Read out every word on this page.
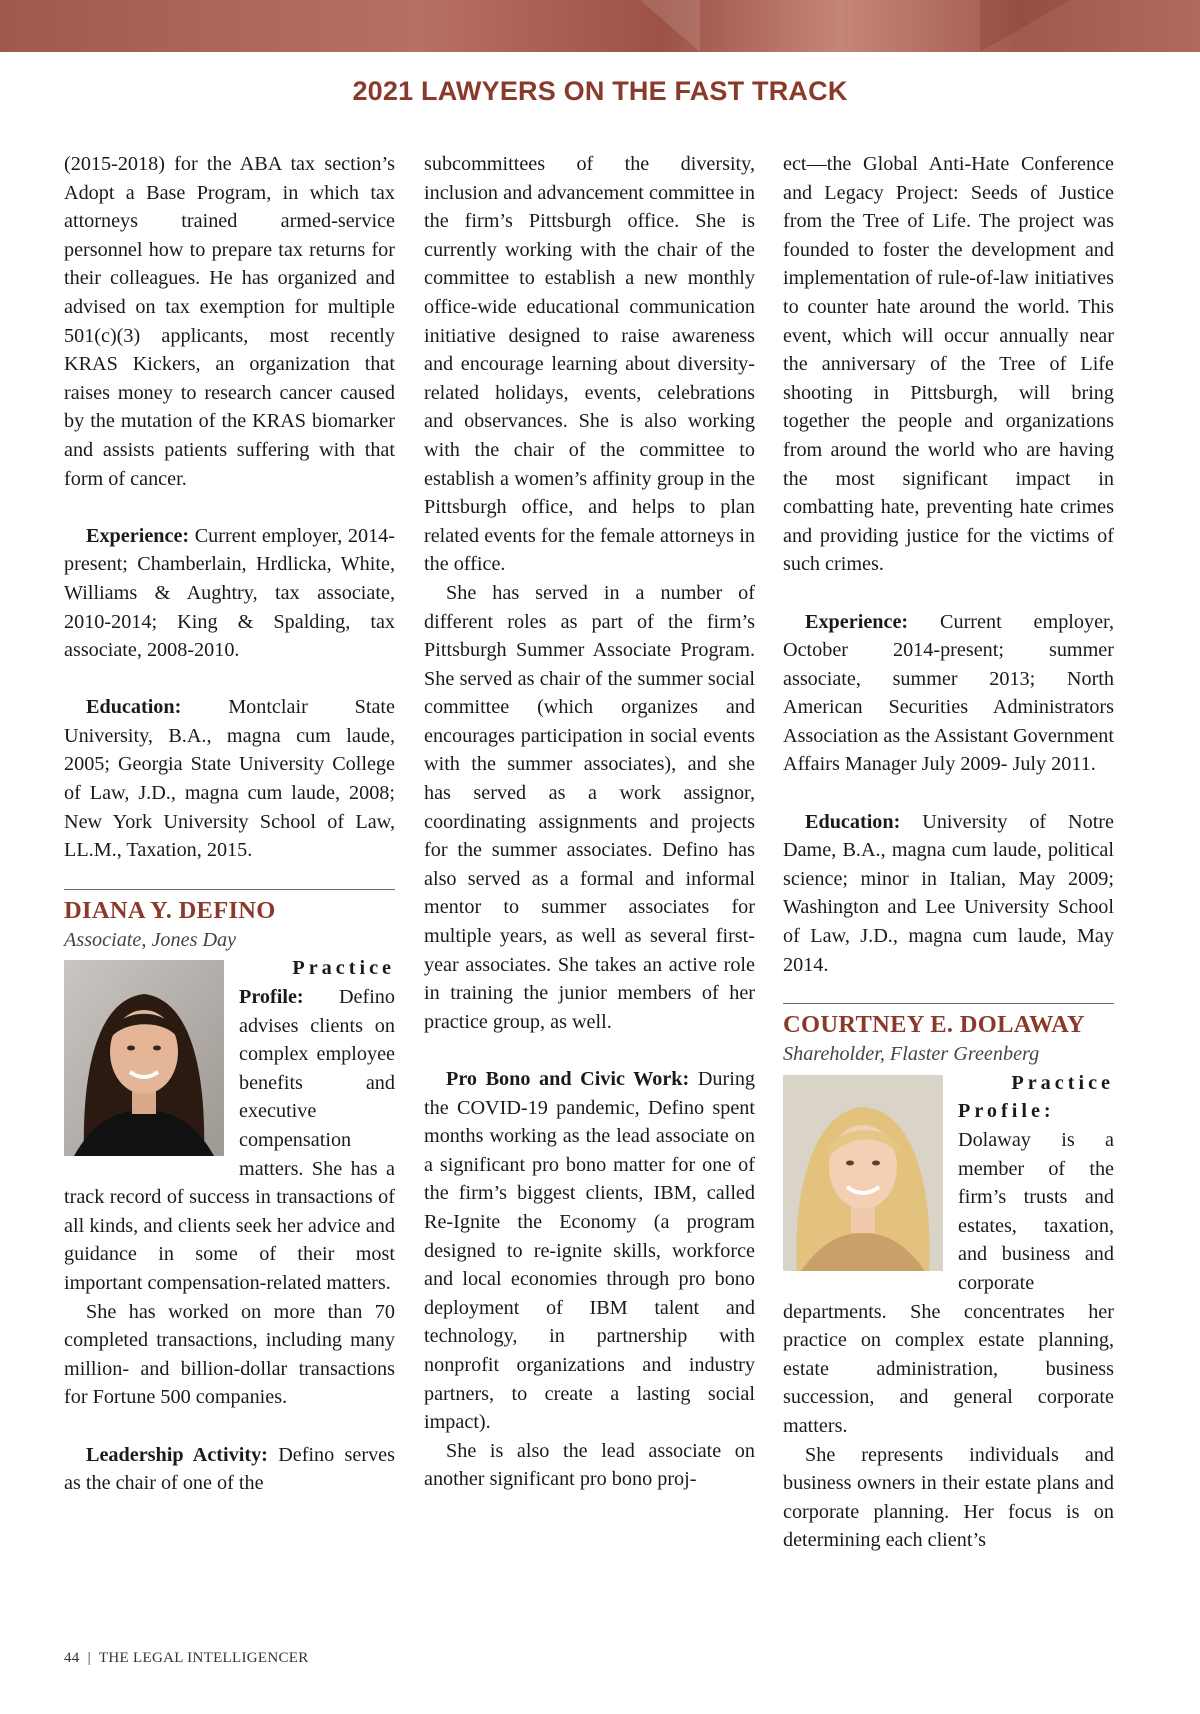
2021 LAWYERS ON THE FAST TRACK

(2015-2018) for the ABA tax section’s Adopt a Base Program, in which tax attorneys trained armed-service personnel how to prepare tax returns for their colleagues. He has organized and advised on tax exemption for multiple 501(c)(3) applicants, most recently KRAS Kickers, an organization that raises money to research cancer caused by the mutation of the KRAS biomarker and assists patients suffering with that form of cancer.

Experience: Current employer, 2014-present; Chamberlain, Hrdlicka, White, Williams & Aughtry, tax associate, 2010-2014; King & Spalding, tax associate, 2008-2010.

Education: Montclair State University, B.A., magna cum laude, 2005; Georgia State University College of Law, J.D., magna cum laude, 2008; New York University School of Law, LL.M., Taxation, 2015.

DIANA Y. DEFINO
Associate, Jones Day

Practice
Profile: Defino advises clients on complex employee benefits and executive compensation matters. She has a track record of success in transactions of all kinds, and clients seek her advice and guidance in some of their most important compensation-related matters.

She has worked on more than 70 completed transactions, including many million- and billion-dollar transactions for Fortune 500 companies.

Leadership Activity: Defino serves as the chair of one of the

subcommittees of the diversity, inclusion and advancement committee in the firm’s Pittsburgh office. She is currently working with the chair of the committee to establish a new monthly office-wide educational communication initiative designed to raise awareness and encourage learning about diversity-related holidays, events, celebrations and observances. She is also working with the chair of the committee to establish a women’s affinity group in the Pittsburgh office, and helps to plan related events for the female attorneys in the office.

She has served in a number of different roles as part of the firm’s Pittsburgh Summer Associate Program. She served as chair of the summer social committee (which organizes and encourages participation in social events with the summer associates), and she has served as a work assignor, coordinating assignments and projects for the summer associates. Defino has also served as a formal and informal mentor to summer associates for multiple years, as well as several first-year associates. She takes an active role in training the junior members of her practice group, as well.

Pro Bono and Civic Work: During the COVID-19 pandemic, Defino spent months working as the lead associate on a significant pro bono matter for one of the firm’s biggest clients, IBM, called Re-Ignite the Economy (a program designed to re-ignite skills, workforce and local economies through pro bono deployment of IBM talent and technology, in partnership with nonprofit organizations and industry partners, to create a lasting social impact).

She is also the lead associate on another significant pro bono proj-

ect—the Global Anti-Hate Conference and Legacy Project: Seeds of Justice from the Tree of Life. The project was founded to foster the development and implementation of rule-of-law initiatives to counter hate around the world. This event, which will occur annually near the anniversary of the Tree of Life shooting in Pittsburgh, will bring together the people and organizations from around the world who are having the most significant impact in combatting hate, preventing hate crimes and providing justice for the victims of such crimes.

Experience: Current employer, October 2014-present; summer associate, summer 2013; North American Securities Administrators Association as the Assistant Government Affairs Manager July 2009- July 2011.

Education: University of Notre Dame, B.A., magna cum laude, political science; minor in Italian, May 2009; Washington and Lee University School of Law, J.D., magna cum laude, May 2014.

COURTNEY E. DOLAWAY
Shareholder, Flaster Greenberg

Practice
Profile: Dolaway is a member of the firm’s trusts and estates, taxation, and business and corporate departments. She concentrates her practice on complex estate planning, estate administration, business succession, and general corporate matters.

She represents individuals and business owners in their estate plans and corporate planning. Her focus is on determining each client’s

44 | THE LEGAL INTELLIGENCER
